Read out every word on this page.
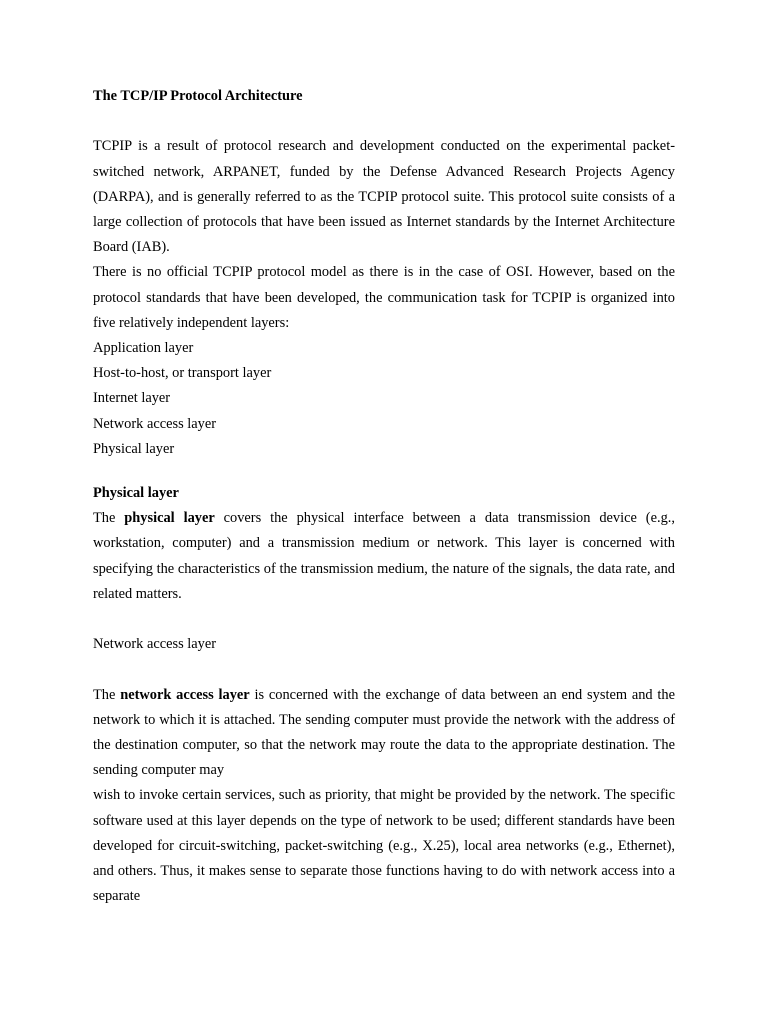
The TCP/IP Protocol Architecture

TCPIP is a result of protocol research and development conducted on the experimental packet-switched network, ARPANET, funded by the Defense Advanced Research Projects Agency (DARPA), and is generally referred to as the TCPIP protocol suite. This protocol suite consists of a large collection of protocols that have been issued as Internet standards by the Internet Architecture Board (IAB).

There is no official TCPIP protocol model as there is in the case of OSI. However, based on the protocol standards that have been developed, the communication task for TCPIP is organized into five relatively independent layers:

Application layer

Host-to-host, or transport layer

Internet layer

Network access layer

Physical layer

Physical layer

The physical layer covers the physical interface between a data transmission device (e.g., workstation, computer) and a transmission medium or network. This layer is concerned with specifying the characteristics of the transmission medium, the nature of the signals, the data rate, and related matters.

Network access layer

The network access layer is concerned with the exchange of data between an end system and the network to which it is attached. The sending computer must provide the network with the address of the destination computer, so that the network may route the data to the appropriate destination. The sending computer may

wish to invoke certain services, such as priority, that might be provided by the network. The specific software used at this layer depends on the type of network to be used; different standards have been developed for circuit-switching, packet-switching (e.g., X.25), local area networks (e.g., Ethernet), and others. Thus, it makes sense to separate those functions having to do with network access into a separate
